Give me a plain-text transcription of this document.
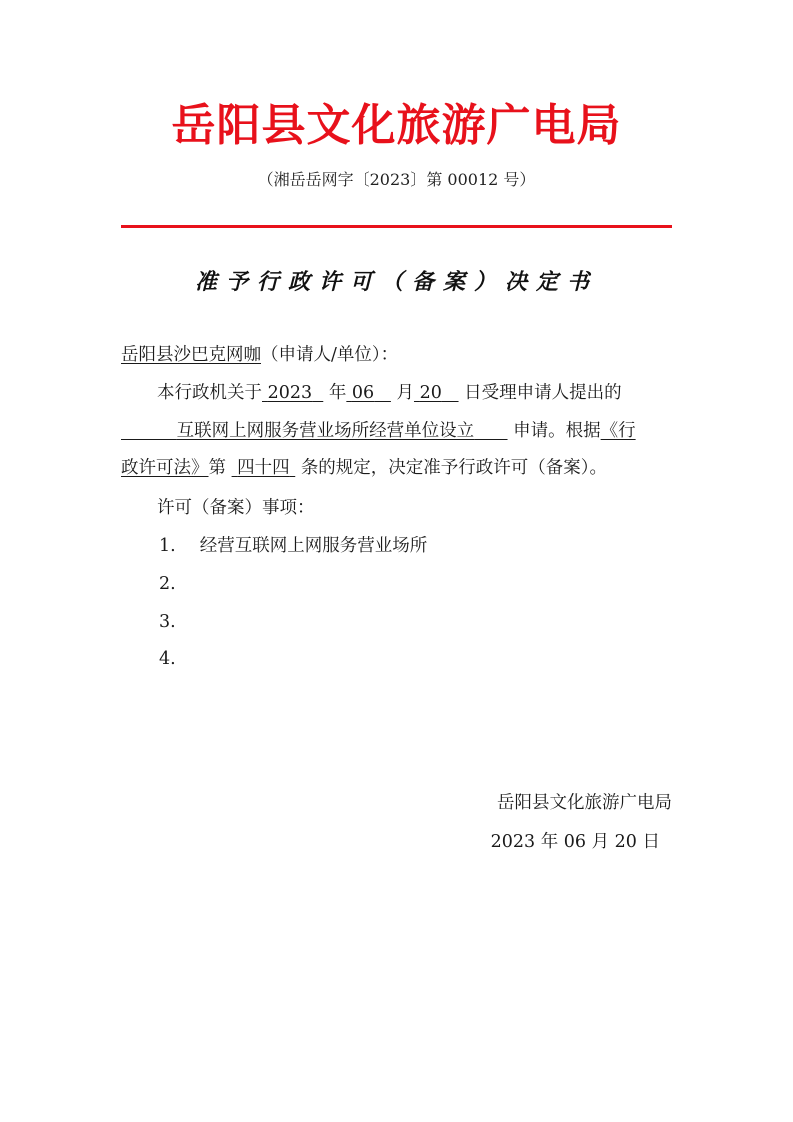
岳阳县文化旅游广电局
（湘岳岳网字〔2023〕第 00012 号）
准予行政许可（备案）决定书
岳阳县沙巴克网咖（申请人/单位）：
本行政机关于 2023 年 06 月 20 日受理申请人提出的
互联网上网服务营业场所经营单位设立 申请。根据《行
政许可法》第 四十四 条的规定，决定准予行政许可（备案）。
许可（备案）事项：
1. 经营互联网上网服务营业场所
2.
3.
4.
岳阳县文化旅游广电局
2023 年 06 月 20 日
